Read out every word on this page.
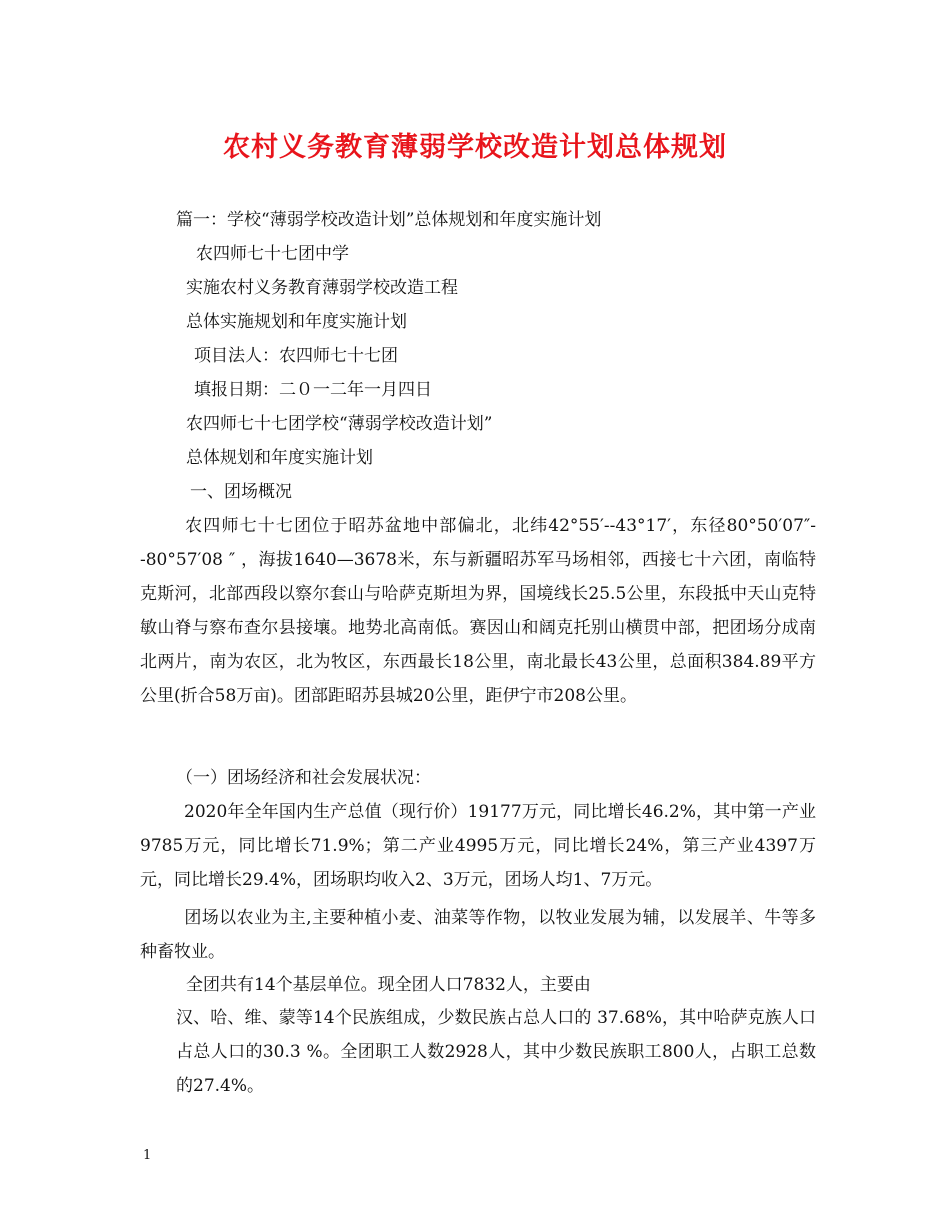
农村义务教育薄弱学校改造计划总体规划
篇一：学校“薄弱学校改造计划”总体规划和年度实施计划
农四师七十七团中学
实施农村义务教育薄弱学校改造工程
总体实施规划和年度实施计划
项目法人：农四师七十七团
填报日期：二０一二年一月四日
农四师七十七团学校“薄弱学校改造计划”
总体规划和年度实施计划
一、团场概况
农四师七十七团位于昭苏盆地中部偏北，北纬42°55′--43°17′，东径80°50′07″--80°57′08 ″ ，海拔1640—3678米，东与新疆昭苏军马场相邻，西接七十六团，南临特克斯河，北部西段以察尔套山与哈萨克斯坦为界，国境线长25.5公里，东段抵中天山克特敏山脊与察布查尔县接壤。地势北高南低。赛因山和阔克托别山横贯中部，把团场分成南北两片，南为农区，北为牧区，东西最长18公里，南北最长43公里，总面积384.89平方公里(折合58万亩)。团部距昭苏县城20公里，距伊宁市208公里。
（一）团场经济和社会发展状况：
2020年全年国内生产总值（现行价）19177万元，同比增长46.2%，其中第一产业9785万元，同比增长71.9%；第二产业4995万元，同比增长24%，第三产业4397万元，同比增长29.4%，团场职均收入2、3万元，团场人均1、7万元。
团场以农业为主,主要种植小麦、油菜等作物，以牧业发展为辅，以发展羊、牛等多种畜牧业。
全团共有14个基层单位。现全团人口7832人，主要由
汉、哈、维、蒙等14个民族组成，少数民族占总人口的 37.68%，其中哈萨克族人口占总人口的30.3 %。全团职工人数2928人，其中少数民族职工800人，占职工总数的27.4%。
1
